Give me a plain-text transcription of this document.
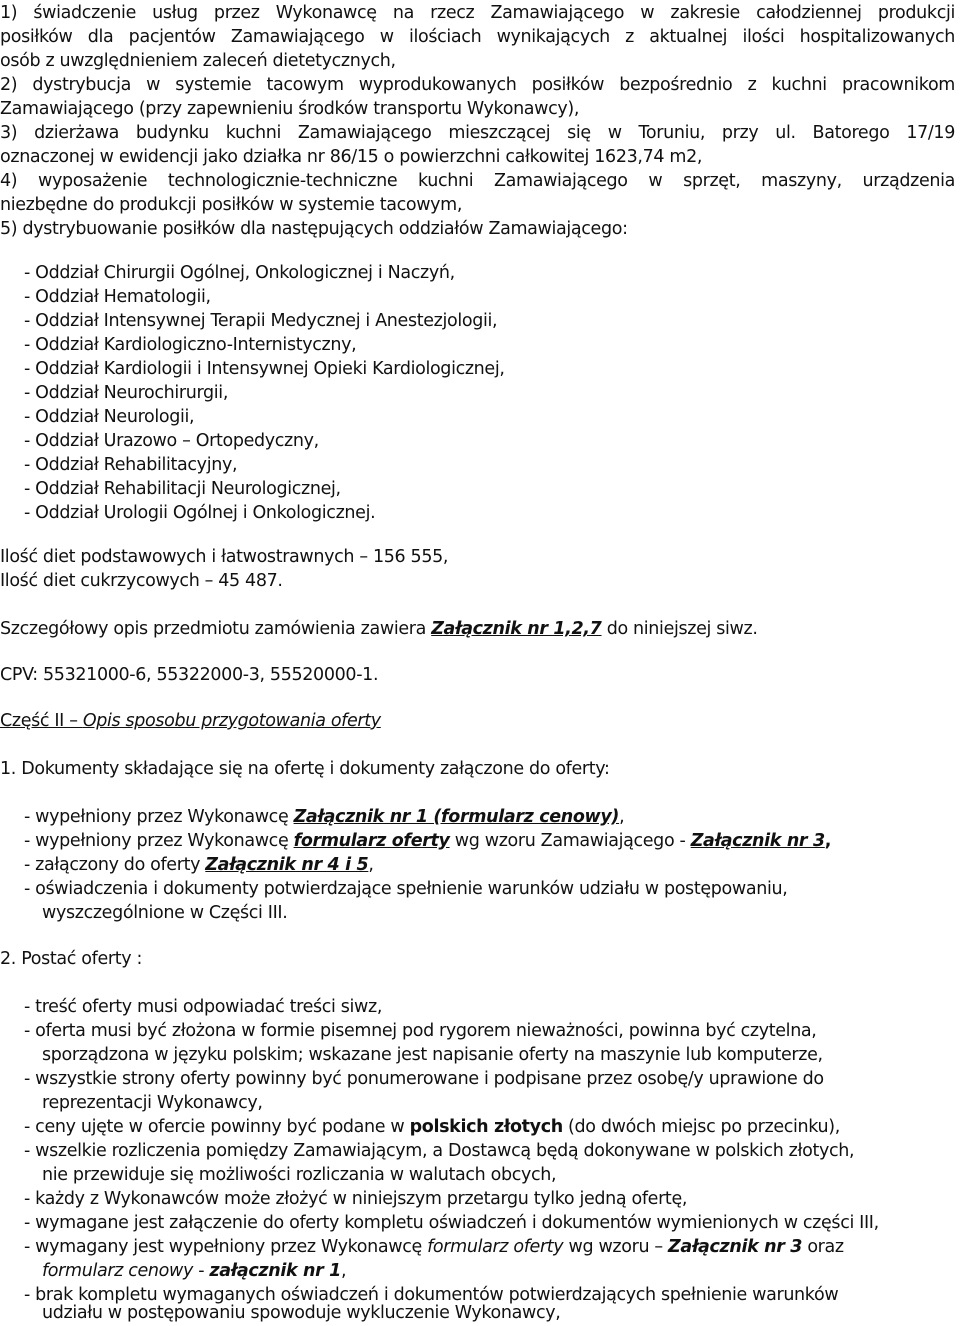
1) świadczenie usług przez Wykonawcę na rzecz Zamawiającego w zakresie całodziennej produkcji
posiłków dla pacjentów Zamawiającego w ilościach wynikających z aktualnej ilości hospitalizowanych
osób z uwzględnieniem zaleceń dietetycznych,
2) dystrybucja w systemie tacowym wyprodukowanych posiłków bezpośrednio z kuchni pracownikom
Zamawiającego (przy zapewnieniu środków transportu Wykonawcy),
3) dzierżawa budynku kuchni Zamawiającego mieszczącej się w Toruniu, przy ul. Batorego 17/19
oznaczonej w ewidencji jako działka nr 86/15 o powierzchni całkowitej 1623,74 m2,
4) wyposażenie technologicznie-techniczne kuchni Zamawiającego w sprzęt, maszyny, urządzenia
niezbędne do produkcji posiłków w systemie tacowym,
5) dystrybuowanie posiłków dla następujących oddziałów Zamawiającego:
- Oddział Chirurgii Ogólnej, Onkologicznej i Naczyń,
- Oddział Hematologii,
- Oddział Intensywnej Terapii Medycznej i Anestezjologii,
- Oddział Kardiologiczno-Internistyczny,
- Oddział Kardiologii i Intensywnej Opieki Kardiologicznej,
- Oddział Neurochirurgii,
- Oddział Neurologii,
- Oddział Urazowo – Ortopedyczny,
- Oddział Rehabilitacyjny,
- Oddział Rehabilitacji Neurologicznej,
- Oddział Urologii Ogólnej i Onkologicznej.
Ilość diet podstawowych i łatwostrawnych – 156 555,
Ilość diet cukrzycowych – 45 487.
Szczegółowy opis przedmiotu zamówienia zawiera Załącznik nr 1,2,7 do niniejszej siwz.
CPV: 55321000-6, 55322000-3, 55520000-1.
Część II – Opis sposobu przygotowania oferty
1. Dokumenty składające się na ofertę i dokumenty załączone do oferty:
- wypełniony przez Wykonawcę Załącznik nr 1 (formularz cenowy),
- wypełniony przez Wykonawcę formularz oferty wg wzoru Zamawiającego - Załącznik nr 3,
- załączony do oferty Załącznik nr 4 i 5,
- oświadczenia i dokumenty potwierdzające spełnienie warunków udziału w postępowaniu,
wyszczególnione w Części III.
2. Postać oferty :
- treść oferty musi odpowiadać treści siwz,
- oferta musi być złożona w formie pisemnej pod rygorem nieważności, powinna być czytelna,
sporządzona w języku polskim; wskazane jest napisanie oferty na maszynie lub komputerze,
- wszystkie strony oferty powinny być ponumerowane i podpisane przez osobę/y uprawione do
reprezentacji Wykonawcy,
- ceny ujęte w ofercie powinny być podane w polskich złotych (do dwóch miejsc po przecinku),
- wszelkie rozliczenia pomiędzy Zamawiającym, a Dostawcą będą dokonywane w polskich złotych,
nie przewiduje się możliwości rozliczania w walutach obcych,
- każdy z Wykonawców może złożyć w niniejszym przetargu tylko jedną ofertę,
- wymagane jest załączenie do oferty kompletu oświadczeń i dokumentów wymienionych w części III,
- wymagany jest wypełniony przez Wykonawcę formularz oferty wg wzoru – Załącznik nr 3 oraz
formularz cenowy - załącznik nr 1,
- brak kompletu wymaganych oświadczeń i dokumentów potwierdzających spełnienie warunków
udziału w postępowaniu spowoduje wykluczenie Wykonawcy,
